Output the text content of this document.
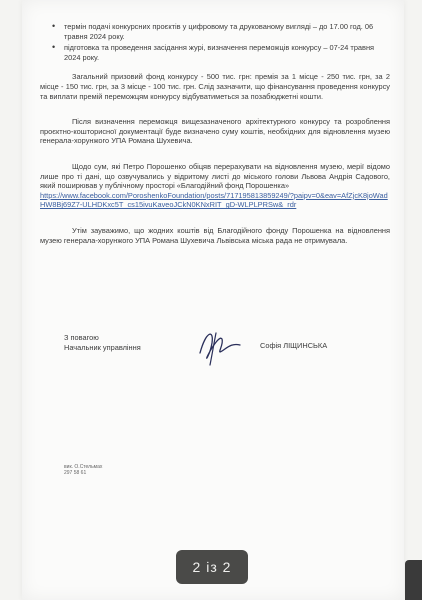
• термін подачі конкурсних проєктів у цифровому та друкованому вигляді – до 17.00 год. 06 травня 2024 року.
• підготовка та проведення засідання журі, визначення переможців конкурсу – 07-24 травня 2024 року.

Загальний призовий фонд конкурсу - 500 тис. грн: премія за 1 місце - 250 тис. грн, за 2 місце - 150 тис. грн, за 3 місце - 100 тис. грн. Слід зазначити, що фінансування проведення конкурсу та виплати премій переможцям конкурсу відбуватиметься за позабюджетні кошти.

Після визначення переможця вищезазначеного архітектурного конкурсу та розроблення проєктно-кошторисної документації буде визначено суму коштів, необхідних для відновлення музею генерала-хорунжого УПА Романа Шухевича.

Щодо сум, які Петро Порошенко обіцяв перерахувати на відновлення музею, мерії відомо лише про ті дані, що озвучувались у відритому листі до міського голови Львова Андрія Садового, який поширював у публічному просторі «Благодійний фонд Порошенка»

https://www.facebook.com/PoroshenkoFoundation/posts/717195813859249/?paipv=0&eav=AfZjcK8joWadHW8Bj69Z7-ULHDKxc5T_cs15ivuKaveoJCkN0KNxRIT_gD-WLPLPRSw&_rdr

Утім зауважимо, що жодних коштів від Благодійного фонду Порошенка на відновлення музею генерала-хорунжого УПА Романа Шухевича Львівська міська рада не отримувала.

З повагою
Начальник управління	Софія ЛІЩИНСЬКА
вик. О.Стельмах
297 58 61
2 із 2
